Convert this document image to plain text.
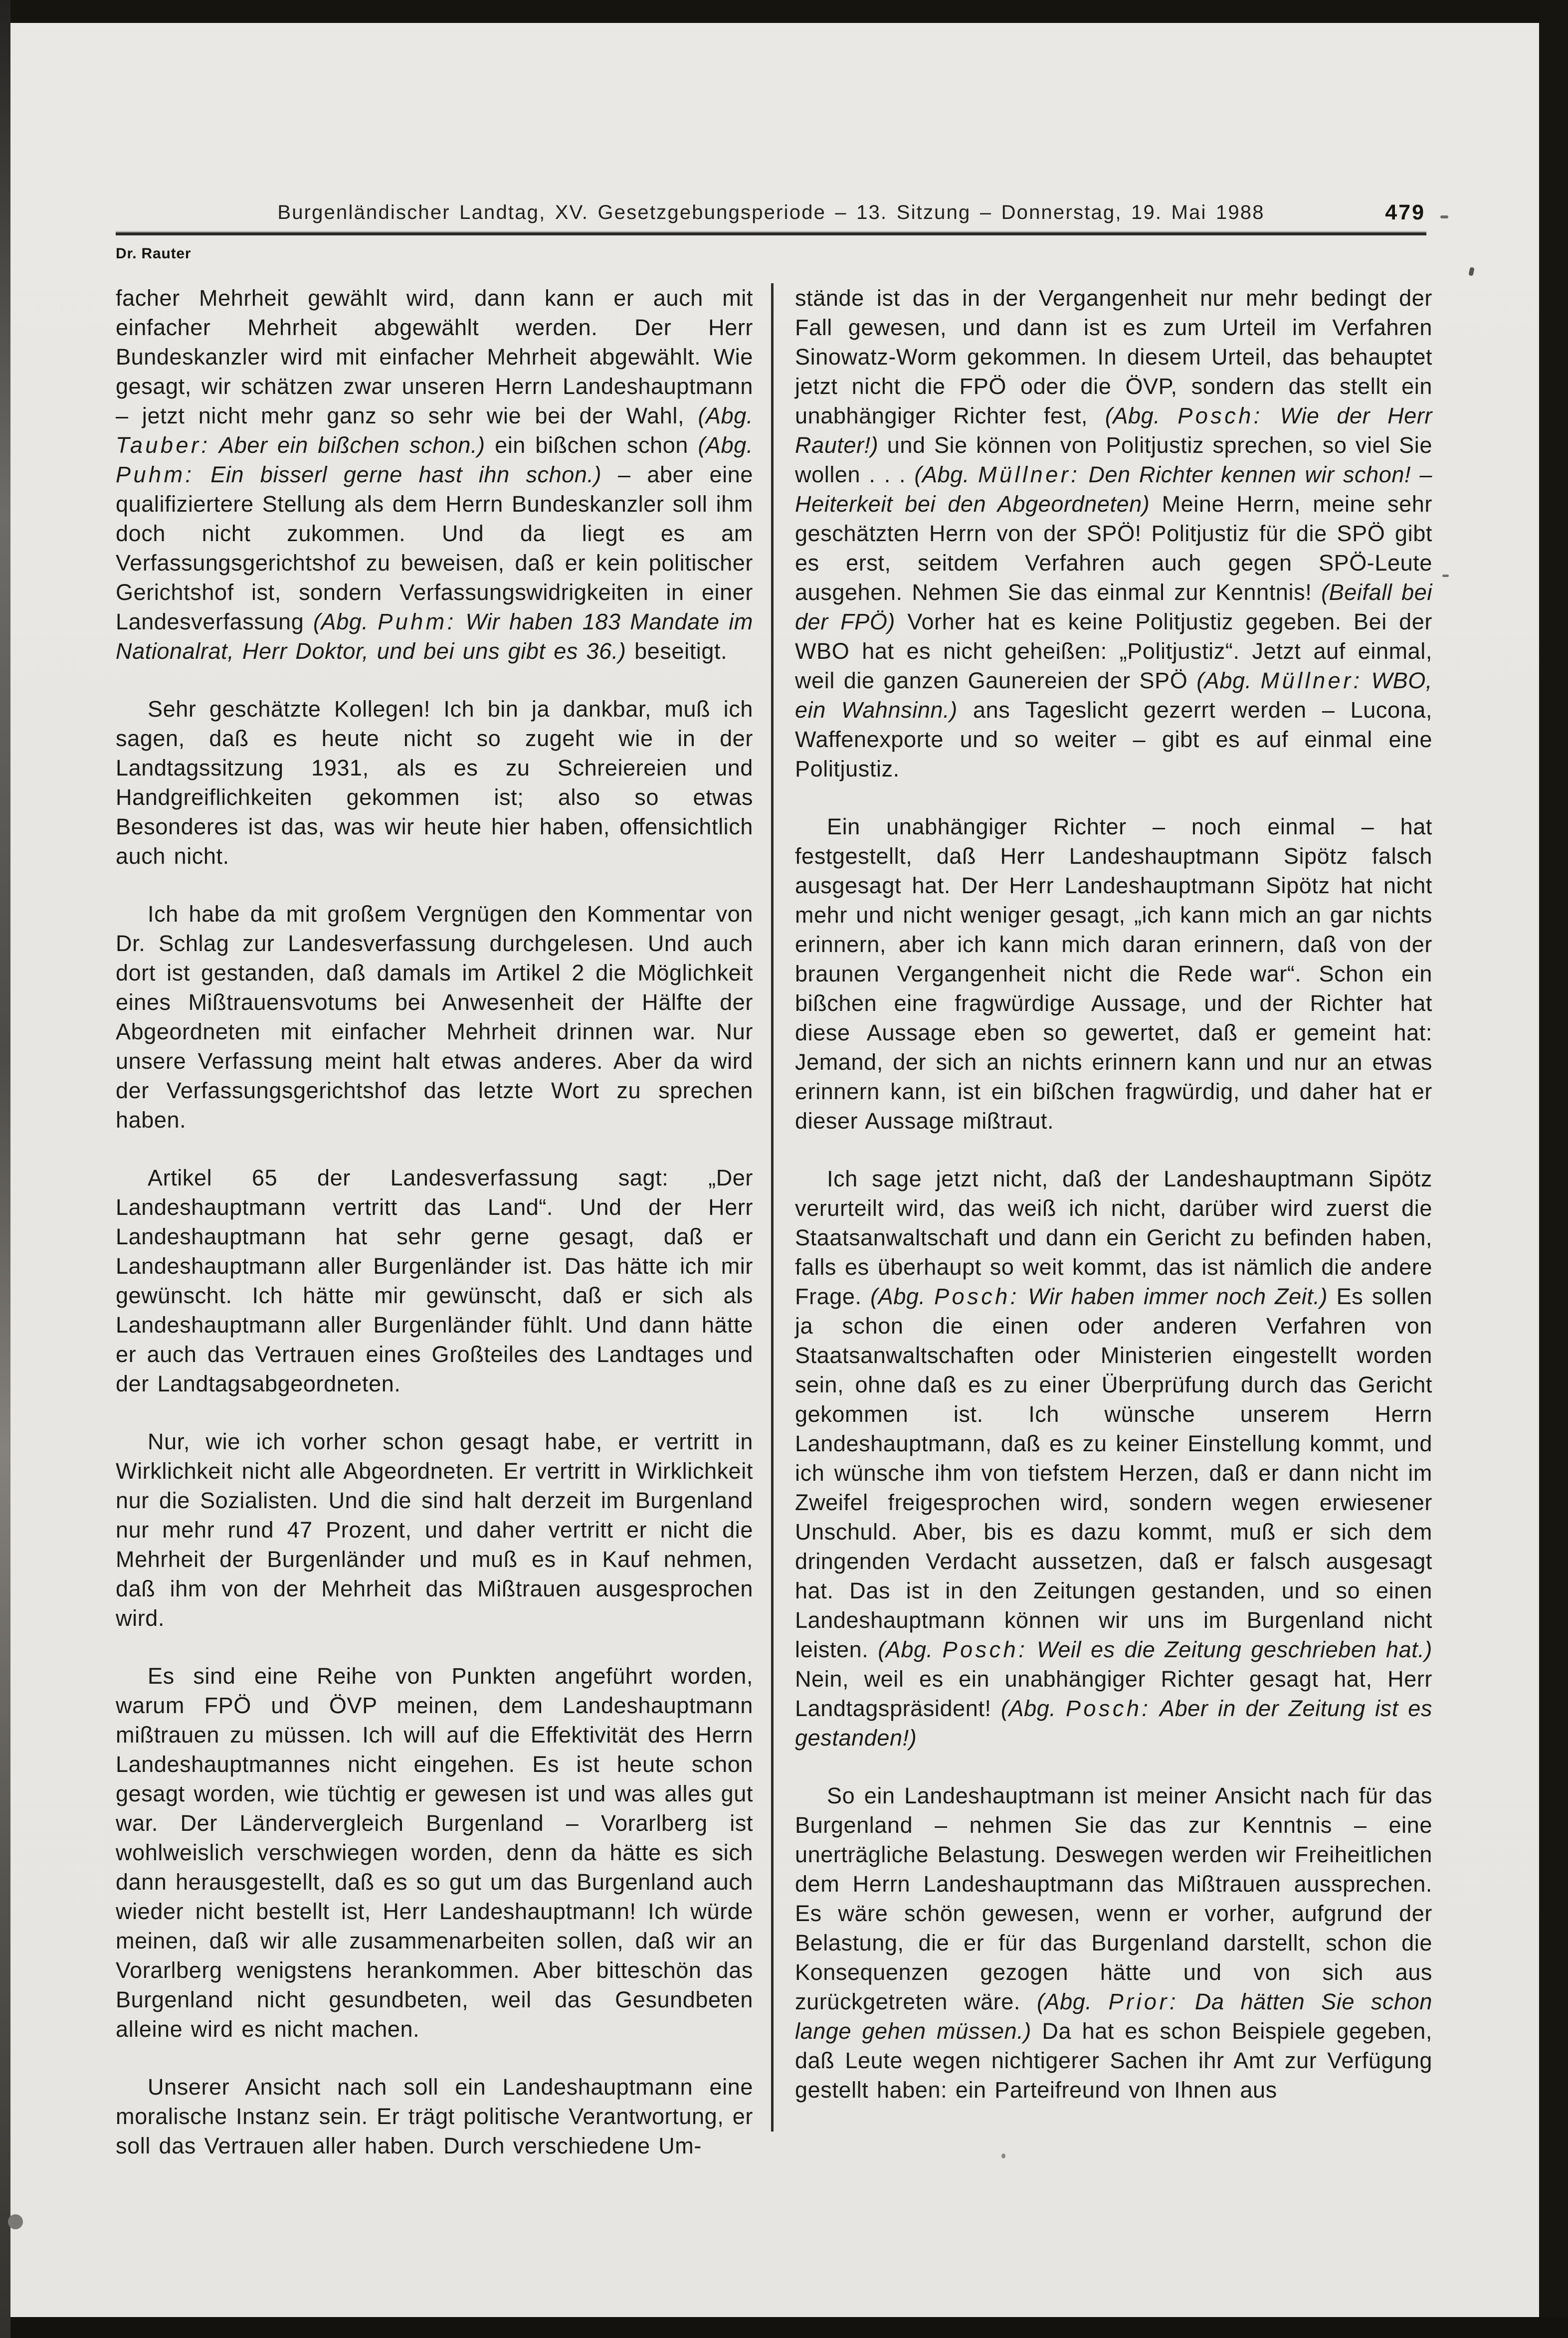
Burgenländischer Landtag, XV. Gesetzgebungsperiode – 13. Sitzung – Donnerstag, 19. Mai 1988	479
Dr. Rauter

facher Mehrheit gewählt wird, dann kann er auch mit einfacher Mehrheit abgewählt werden. Der Herr Bundeskanzler wird mit einfacher Mehrheit abgewählt. Wie gesagt, wir schätzen zwar unseren Herrn Landeshauptmann – jetzt nicht mehr ganz so sehr wie bei der Wahl, (Abg. Tauber: Aber ein bißchen schon.) ein bißchen schon (Abg. Puhm: Ein bisserl gerne hast ihn schon.) – aber eine qualifiziertere Stellung als dem Herrn Bundeskanzler soll ihm doch nicht zukommen. Und da liegt es am Verfassungsgerichtshof zu beweisen, daß er kein politischer Gerichtshof ist, sondern Verfassungswidrigkeiten in einer Landesverfassung (Abg. Puhm: Wir haben 183 Mandate im Nationalrat, Herr Doktor, und bei uns gibt es 36.) beseitigt.

Sehr geschätzte Kollegen! Ich bin ja dankbar, muß ich sagen, daß es heute nicht so zugeht wie in der Landtagssitzung 1931, als es zu Schreiereien und Handgreiflichkeiten gekommen ist; also so etwas Besonderes ist das, was wir heute hier haben, offensichtlich auch nicht.

Ich habe da mit großem Vergnügen den Kommentar von Dr. Schlag zur Landesverfassung durchgelesen. Und auch dort ist gestanden, daß damals im Artikel 2 die Möglichkeit eines Mißtrauensvotums bei Anwesenheit der Hälfte der Abgeordneten mit einfacher Mehrheit drinnen war. Nur unsere Verfassung meint halt etwas anderes. Aber da wird der Verfassungsgerichtshof das letzte Wort zu sprechen haben.

Artikel 65 der Landesverfassung sagt: „Der Landeshauptmann vertritt das Land“. Und der Herr Landeshauptmann hat sehr gerne gesagt, daß er Landeshauptmann aller Burgenländer ist. Das hätte ich mir gewünscht. Ich hätte mir gewünscht, daß er sich als Landeshauptmann aller Burgenländer fühlt. Und dann hätte er auch das Vertrauen eines Großteiles des Landtages und der Landtagsabgeordneten.

Nur, wie ich vorher schon gesagt habe, er vertritt in Wirklichkeit nicht alle Abgeordneten. Er vertritt in Wirklichkeit nur die Sozialisten. Und die sind halt derzeit im Burgenland nur mehr rund 47 Prozent, und daher vertritt er nicht die Mehrheit der Burgenländer und muß es in Kauf nehmen, daß ihm von der Mehrheit das Mißtrauen ausgesprochen wird.

Es sind eine Reihe von Punkten angeführt worden, warum FPÖ und ÖVP meinen, dem Landeshauptmann mißtrauen zu müssen. Ich will auf die Effektivität des Herrn Landeshauptmannes nicht eingehen. Es ist heute schon gesagt worden, wie tüchtig er gewesen ist und was alles gut war. Der Ländervergleich Burgenland – Vorarlberg ist wohlweislich verschwiegen worden, denn da hätte es sich dann herausgestellt, daß es so gut um das Burgenland auch wieder nicht bestellt ist, Herr Landeshauptmann! Ich würde meinen, daß wir alle zusammenarbeiten sollen, daß wir an Vorarlberg wenigstens herankommen. Aber bitteschön das Burgenland nicht gesundbeten, weil das Gesundbeten alleine wird es nicht machen.

Unserer Ansicht nach soll ein Landeshauptmann eine moralische Instanz sein. Er trägt politische Verantwortung, er soll das Vertrauen aller haben. Durch verschiedene Um-

stände ist das in der Vergangenheit nur mehr bedingt der Fall gewesen, und dann ist es zum Urteil im Verfahren Sinowatz-Worm gekommen. In diesem Urteil, das behauptet jetzt nicht die FPÖ oder die ÖVP, sondern das stellt ein unabhängiger Richter fest, (Abg. Posch: Wie der Herr Rauter!) und Sie können von Politjustiz sprechen, so viel Sie wollen . . . (Abg. Müllner: Den Richter kennen wir schon! – Heiterkeit bei den Abgeordneten) Meine Herrn, meine sehr geschätzten Herrn von der SPÖ! Politjustiz für die SPÖ gibt es erst, seitdem Verfahren auch gegen SPÖ-Leute ausgehen. Nehmen Sie das einmal zur Kenntnis! (Beifall bei der FPÖ) Vorher hat es keine Politjustiz gegeben. Bei der WBO hat es nicht geheißen: „Politjustiz“. Jetzt auf einmal, weil die ganzen Gaunereien der SPÖ (Abg. Müllner: WBO, ein Wahnsinn.) ans Tageslicht gezerrt werden – Lucona, Waffenexporte und so weiter – gibt es auf einmal eine Politjustiz.

Ein unabhängiger Richter – noch einmal – hat festgestellt, daß Herr Landeshauptmann Sipötz falsch ausgesagt hat. Der Herr Landeshauptmann Sipötz hat nicht mehr und nicht weniger gesagt, „ich kann mich an gar nichts erinnern, aber ich kann mich daran erinnern, daß von der braunen Vergangenheit nicht die Rede war“. Schon ein bißchen eine fragwürdige Aussage, und der Richter hat diese Aussage eben so gewertet, daß er gemeint hat: Jemand, der sich an nichts erinnern kann und nur an etwas erinnern kann, ist ein bißchen fragwürdig, und daher hat er dieser Aussage mißtraut.

Ich sage jetzt nicht, daß der Landeshauptmann Sipötz verurteilt wird, das weiß ich nicht, darüber wird zuerst die Staatsanwaltschaft und dann ein Gericht zu befinden haben, falls es überhaupt so weit kommt, das ist nämlich die andere Frage. (Abg. Posch: Wir haben immer noch Zeit.) Es sollen ja schon die einen oder anderen Verfahren von Staatsanwaltschaften oder Ministerien eingestellt worden sein, ohne daß es zu einer Überprüfung durch das Gericht gekommen ist. Ich wünsche unserem Herrn Landeshauptmann, daß es zu keiner Einstellung kommt, und ich wünsche ihm von tiefstem Herzen, daß er dann nicht im Zweifel freigesprochen wird, sondern wegen erwiesener Unschuld. Aber, bis es dazu kommt, muß er sich dem dringenden Verdacht aussetzen, daß er falsch ausgesagt hat. Das ist in den Zeitungen gestanden, und so einen Landeshauptmann können wir uns im Burgenland nicht leisten. (Abg. Posch: Weil es die Zeitung geschrieben hat.) Nein, weil es ein unabhängiger Richter gesagt hat, Herr Landtagspräsident! (Abg. Posch: Aber in der Zeitung ist es gestanden!)

So ein Landeshauptmann ist meiner Ansicht nach für das Burgenland – nehmen Sie das zur Kenntnis – eine unerträgliche Belastung. Deswegen werden wir Freiheitlichen dem Herrn Landeshauptmann das Mißtrauen aussprechen. Es wäre schön gewesen, wenn er vorher, aufgrund der Belastung, die er für das Burgenland darstellt, schon die Konsequenzen gezogen hätte und von sich aus zurückgetreten wäre. (Abg. Prior: Da hätten Sie schon lange gehen müssen.) Da hat es schon Beispiele gegeben, daß Leute wegen nichtigerer Sachen ihr Amt zur Verfügung gestellt haben: ein Parteifreund von Ihnen aus
